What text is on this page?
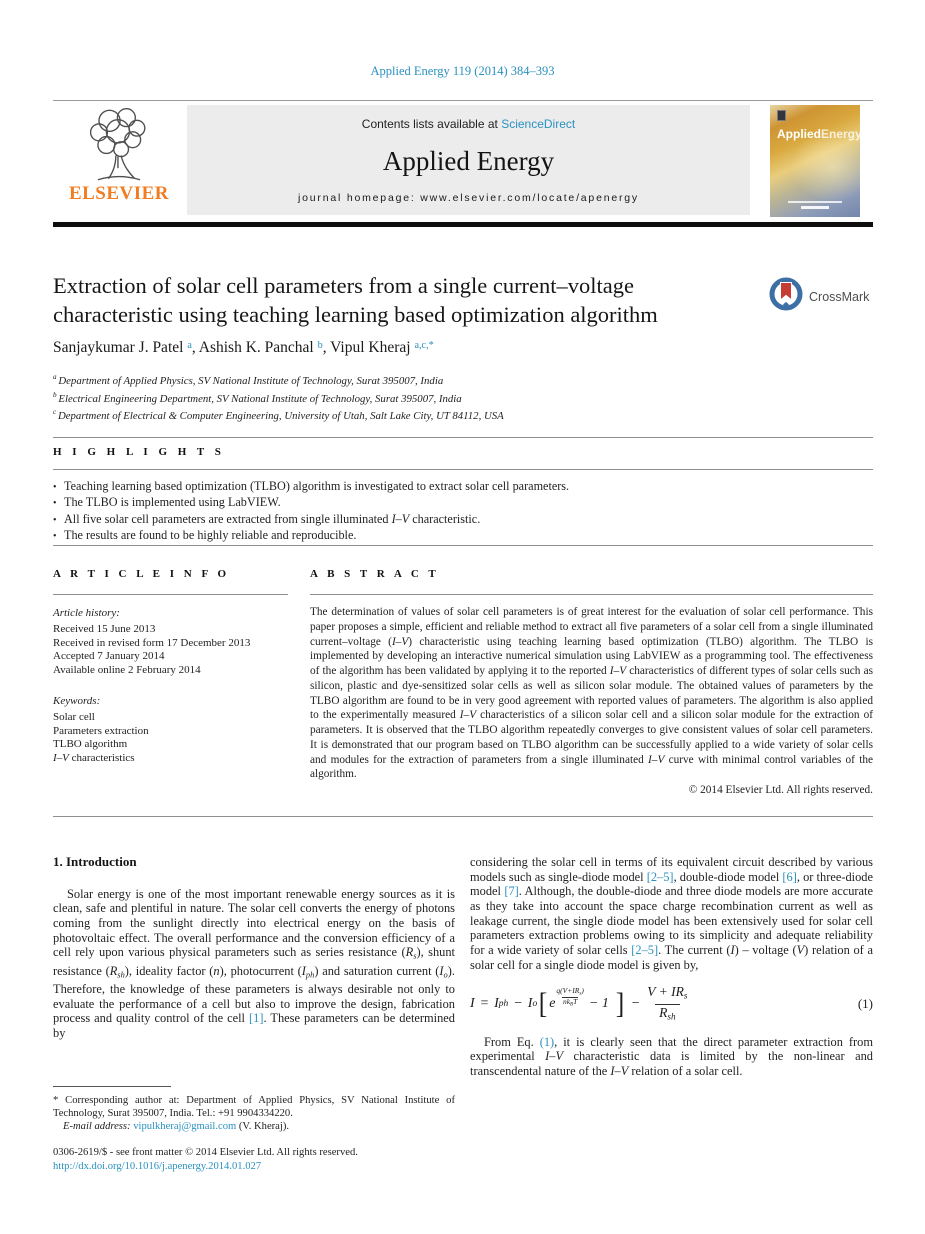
Applied Energy 119 (2014) 384–393
ELSEVIER
Contents lists available at ScienceDirect
Applied Energy
journal homepage: www.elsevier.com/locate/apenergy
AppliedEnergy
Extraction of solar cell parameters from a single current–voltage
characteristic using teaching learning based optimization algorithm
CrossMark
Sanjaykumar J. Patel $^a$, Ashish K. Panchal $^b$, Vipul Kheraj $^{a,c,*}$
$^a$ Department of Applied Physics, SV National Institute of Technology, Surat 395007, India
$^b$ Electrical Engineering Department, SV National Institute of Technology, Surat 395007, India
$^c$ Department of Electrical & Computer Engineering, University of Utah, Salt Lake City, UT 84112, USA
H I G H L I G H T S
• Teaching learning based optimization (TLBO) algorithm is investigated to extract solar cell parameters.
• The TLBO is implemented using LabVIEW.
• All five solar cell parameters are extracted from single illuminated I–V characteristic.
• The results are found to be highly reliable and reproducible.
A R T I C L E I N F O	A B S T R A C T
Article history:
Received 15 June 2013
Received in revised form 17 December 2013
Accepted 7 January 2014
Available online 2 February 2014
Keywords:
Solar cell
Parameters extraction
TLBO algorithm
I–V characteristics
The determination of values of solar cell parameters is of great interest for the evaluation of solar cell performance. This paper proposes a simple, efficient and reliable method to extract all five parameters of a solar cell from a single illuminated current–voltage (I–V) characteristic using teaching learning based optimization (TLBO) algorithm. The TLBO is implemented by developing an interactive numerical simulation using LabVIEW as a programming tool. The effectiveness of the algorithm has been validated by applying it to the reported I–V characteristics of different types of solar cells such as silicon, plastic and dye-sensitized solar cells as well as silicon solar module. The obtained values of parameters by the TLBO algorithm are found to be in very good agreement with reported values of parameters. The algorithm is also applied to the experimentally measured I–V characteristics of a silicon solar cell and a silicon solar module for the extraction of parameters. It is observed that the TLBO algorithm repeatedly converges to give consistent values of solar cell parameters. It is demonstrated that our program based on TLBO algorithm can be successfully applied to a wide variety of solar cells and modules for the extraction of parameters from a single illuminated I–V curve with minimal control variables of the algorithm.
© 2014 Elsevier Ltd. All rights reserved.
1. Introduction
Solar energy is one of the most important renewable energy sources as it is clean, safe and plentiful in nature. The solar cell converts the energy of photons coming from the sunlight directly into electrical energy on the basis of photovoltaic effect. The overall performance and the conversion efficiency of a cell rely upon various physical parameters such as series resistance $(R_s)$, shunt resistance $(R_{sh})$, ideality factor (n), photocurrent $(I_{ph})$ and saturation current $(I_o)$. Therefore, the knowledge of these parameters is always desirable not only to evaluate the performance of a cell but also to improve the design, fabrication process and quality control of the cell [1]. These parameters can be determined by
considering the solar cell in terms of its equivalent circuit described by various models such as single-diode model [2–5], double-diode model [6], or three-diode model [7]. Although, the double-diode and three diode models are more accurate as they take into account the space charge recombination current as well as leakage current, the single diode model has been extensively used for solar cell parameters extraction problems owing to its simplicity and adequate reliability for a wide variety of solar cells [2–5]. The current (I) – voltage (V) relation of a solar cell for a single diode model is given by,
I = I ph − I o [ e $\frac{\text{q(V+IRs)}}{\text{nkBT}} - 1$ ] − $\frac{\text{V + IRs}}{\text{Rsh}}$	(1)
From Eq. (1), it is clearly seen that the direct parameter extraction from experimental I–V characteristic data is limited by the non-linear and transcendental nature of the I–V relation of a solar cell.
* Corresponding author at: Department of Applied Physics, SV National Institute of Technology, Surat 395007, India. Tel.: +91 9904334220.
E-mail address: vipulkheraj@gmail.com (V. Kheraj).
0306-2619/$ - see front matter © 2014 Elsevier Ltd. All rights reserved.
http://dx.doi.org/10.1016/j.apenergy.2014.01.027
